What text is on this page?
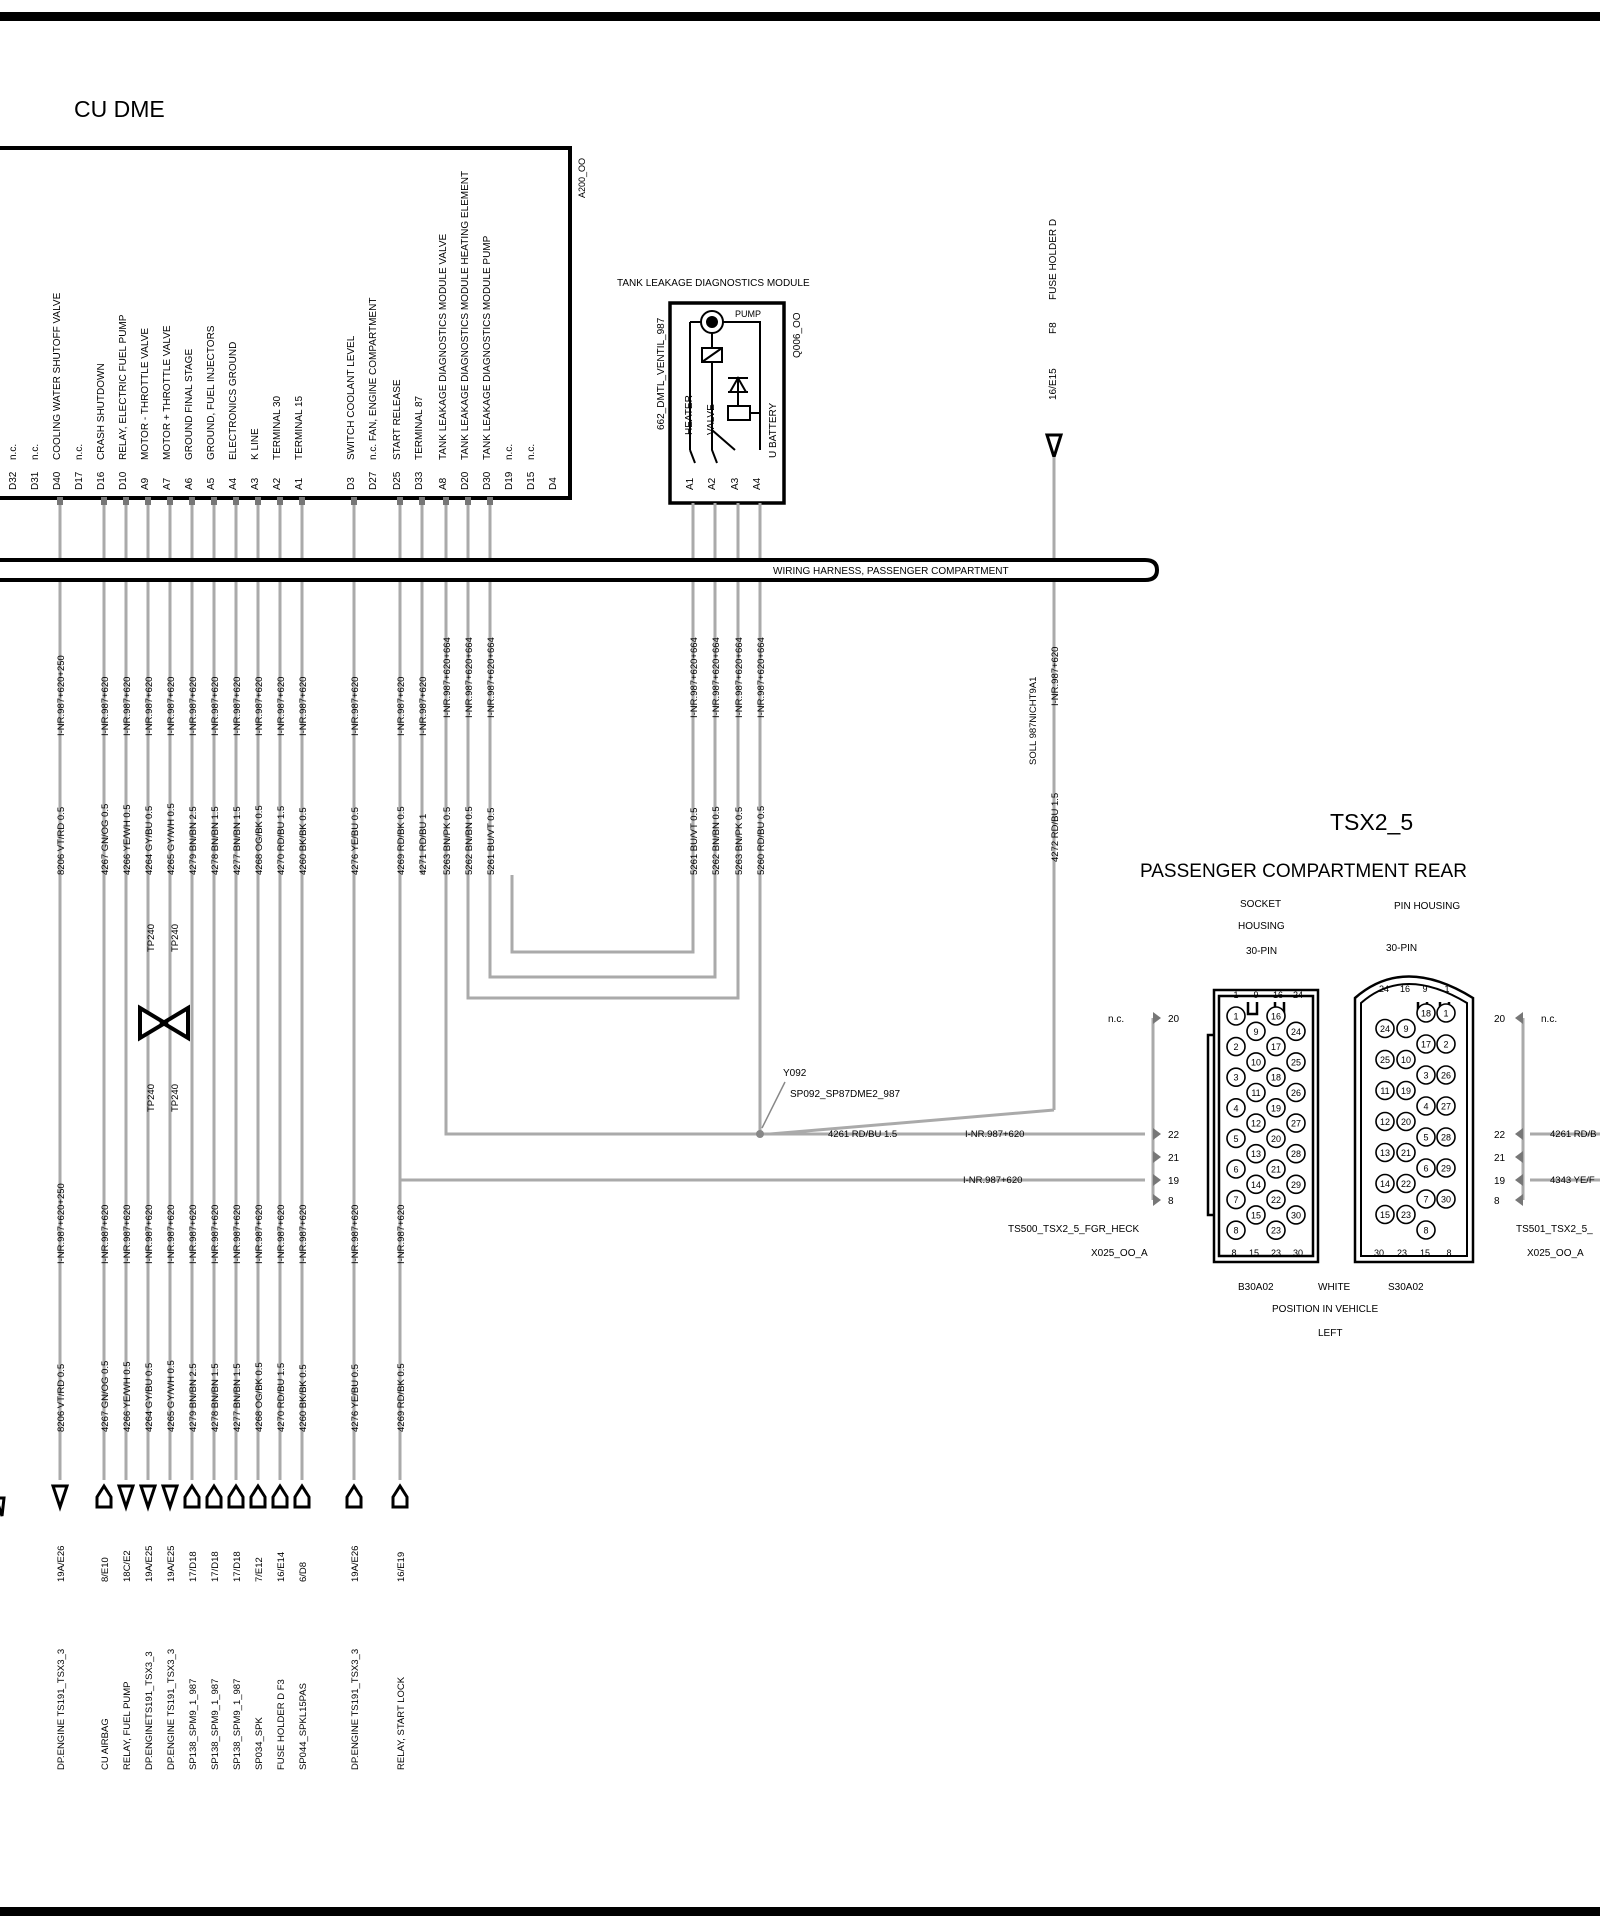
CU DME
A200_OO
D32
n.c.
D31
n.c.
D40
COOLING WATER SHUTOFF VALVE
I-NR.987+620+250
8206 VT/RD 0.5
I-NR.987+620+250
8206 VT/RD 0.5
19A/E26
DP.ENGINE TS191_TSX3_3
D17
n.c.
D16
CRASH SHUTDOWN
I-NR.987+620
4267 GN/OG 0.5
I-NR.987+620
4267 GN/OG 0.5
8/E10
CU AIRBAG
D10
RELAY, ELECTRIC FUEL PUMP
I-NR.987+620
4266 YE/WH 0.5
I-NR.987+620
4266 YE/WH 0.5
18C/E2
RELAY, FUEL PUMP
A9
MOTOR - THROTTLE VALVE
I-NR.987+620
4264 GY/BU 0.5
I-NR.987+620
4264 GY/BU 0.5
19A/E25
DP.ENGINETS191_TSX3_3
A7
MOTOR + THROTTLE VALVE
I-NR.987+620
4265 GY/WH 0.5
I-NR.987+620
4265 GY/WH 0.5
19A/E25
DP.ENGINE TS191_TSX3_3
A6
GROUND FINAL STAGE
I-NR.987+620
4279 BN/BN 2.5
I-NR.987+620
4279 BN/BN 2.5
17/D18
SP138_SPM9_1_987
A5
GROUND, FUEL INJECTORS
I-NR.987+620
4278 BN/BN 1.5
I-NR.987+620
4278 BN/BN 1.5
17/D18
SP138_SPM9_1_987
A4
ELECTRONICS GROUND
I-NR.987+620
4277 BN/BN 1.5
I-NR.987+620
4277 BN/BN 1.5
17/D18
SP138_SPM9_1_987
A3
K LINE
I-NR.987+620
4268 OG/BK 0.5
I-NR.987+620
4268 OG/BK 0.5
7/E12
SP034_SPK
A2
TERMINAL 30
I-NR.987+620
4270 RD/BU 1.5
I-NR.987+620
4270 RD/BU 1.5
16/E14
FUSE HOLDER D F3
A1
TERMINAL 15
I-NR.987+620
4260 BK/BK 0.5
I-NR.987+620
4260 BK/BK 0.5
6/D8
SP044_SPKL15PAS
D3
SWITCH COOLANT LEVEL
I-NR.987+620
4276 YE/BU 0.5
I-NR.987+620
4276 YE/BU 0.5
19A/E26
DP.ENGINE TS191_TSX3_3
D27
n.c. FAN, ENGINE COMPARTMENT
D25
START RELEASE
I-NR.987+620
4269 RD/BK 0.5
I-NR.987+620
4269 RD/BK 0.5
16/E19
RELAY, START LOCK
D33
TERMINAL 87
I-NR.987+620
4271 RD/BU 1
A8
TANK LEAKAGE DIAGNOSTICS MODULE VALVE
I-NR.987+620+664
5263 BN/PK 0.5
D20
TANK LEAKAGE DIAGNOSTICS MODULE HEATING ELEMENT
I-NR.987+620+664
5262 BN/BN 0.5
D30
TANK LEAKAGE DIAGNOSTICS MODULE PUMP
I-NR.987+620+664
5261 BU/VT 0.5
D19
n.c.
D15
n.c.
D4
TANK LEAKAGE DIAGNOSTICS MODULE
662_DMTL_VENTIL_987	Q006_OO
PUMP
HEATER VALVE	U BATTERY
A1
I-NR.987+620+664
5261 BU/VT 0.5
A2
I-NR.987+620+664
5262 BN/BN 0.5
A3
I-NR.987+620+664
5263 BN/PK 0.5
A4
I-NR.987+620+664
5260 RD/BU 0.5
FUSE HOLDER D
F8
16/E15
SOLL 987NICHT9A1
I-NR.987+620
4272 RD/BU 1.5
WIRING HARNESS, PASSENGER COMPARTMENT
TP240 TP240
TP240 TP240
Y092
SP092_SP87DME2_987
4261 RD/BU 1.5	I-NR.987+620
I-NR.987+620
TSX2_5
PASSENGER COMPARTMENT REAR
SOCKET
HOUSING
30-PIN
PIN HOUSING
30-PIN
n.c.	20
22
21
19
8
TS500_TSX2_5_FGR_HECK
X025_OO_A
n.c.
20
22
21
19
8
4261 RD/B
4343 YE/F
TS501_TSX2_5_
X025_OO_A
1	16
9	24
2	17
10	25
3	18
11	26
4	19
12	27
5	20
13	28
6	21
14	29
7	22
15	30
8	23
1 9 16 24
8 15 23 30
18 1
24 9
17 2
25 10
3 26
11 19
4 27
12 20
5 28
13 21
6 29
14 22
7 30
15 23
8
24 16 9 1
30 23 15 8
B30A02	WHITE	S30A02
POSITION IN VEHICLE
LEFT
